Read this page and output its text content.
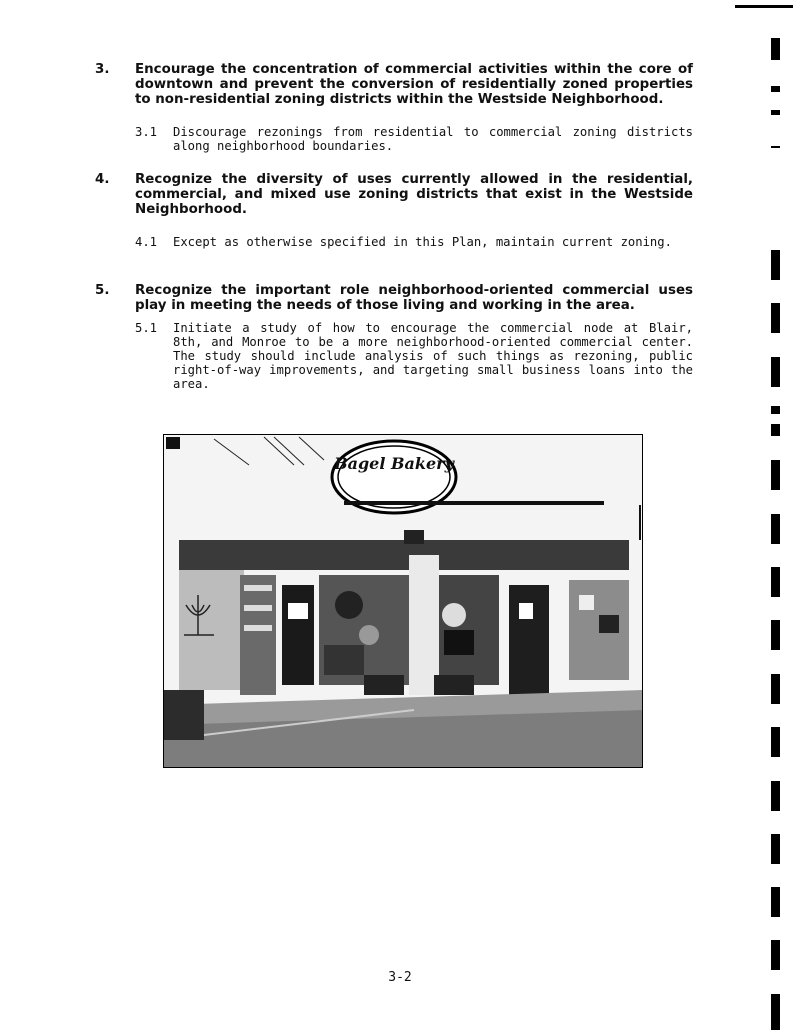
3. Encourage the concentration of commercial activities within the core of downtown and prevent the conversion of residentially zoned properties to non-residential zoning districts within the Westside Neighborhood.
3.1 Discourage rezonings from residential to commercial zoning districts along neighborhood boundaries.
4. Recognize the diversity of uses currently allowed in the residential, commercial, and mixed use zoning districts that exist in the Westside Neighborhood.
4.1 Except as otherwise specified in this Plan, maintain current zoning.
5. Recognize the important role neighborhood-oriented commercial uses play in meeting the needs of those living and working in the area.
5.1 Initiate a study of how to encourage the commercial node at Blair, 8th, and Monroe to be a more neighborhood-oriented commercial center. The study should include analysis of such things as rezoning, public right-of-way improvements, and targeting small business loans into the area.
Bagel Bakery
3-2
